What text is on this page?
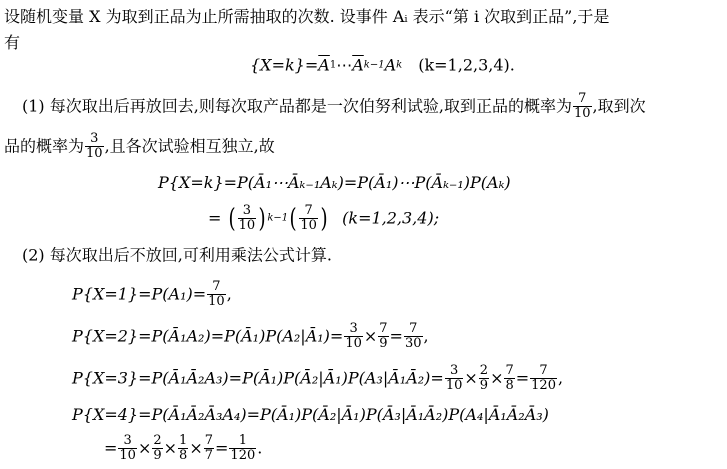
设随机变量 X 为取到正品为止所需抽取的次数. 设事件 Aᵢ 表示“第 i 次取到正品”,于是
有
$\{X=k\}=\overline{A}1\cdots\overline{A}k-1Ak$ (k=1,2,3,4).
(1) 每次取出后再放回去,则每次取产品都是一次伯努利试验,取到正品的概率为 $\frac{7}{10}$ ,取到次
品的概率为 $\frac{3}{10}$ ,且各次试验相互独立,故
P{X=k}=P(Ā₁⋯Āₖ₋₁Aₖ)=P(Ā₁)⋯P(Āₖ₋₁)P(Aₖ)
= ( $\frac{3}{10}$ ) $k-1( \frac{7}{10}$ ) (k=1,2,3,4);
(2) 每次取出后不放回,可利用乘法公式计算.
$P\{X=1\}=P(A_1)= \frac{7}{10}$ ,
P{X=2}=P(Ā₁A₂)=P(Ā₁)P(A₂|Ā₁)= $\frac{3}{10} \times \frac{7}{9} = \frac{7}{30}$ ,
P{X=3}=P(Ā₁Ā₂A₃)=P(Ā₁)P(Ā₂|Ā₁)P(A₃|Ā₁Ā₂)= $\frac{3}{10} \times \frac{2}{9} \times \frac{7}{8} = \frac{7}{120}$ ,
P{X=4}=P(Ā₁Ā₂Ā₃A₄)=P(Ā₁)P(Ā₂|Ā₁)P(Ā₃|Ā₁Ā₂)P(A₄|Ā₁Ā₂Ā₃)
= $\frac{3}{10} \times \frac{2}{9} \times \frac{1}{8} \times \frac{7}{7} = \frac{1}{120}$ .
